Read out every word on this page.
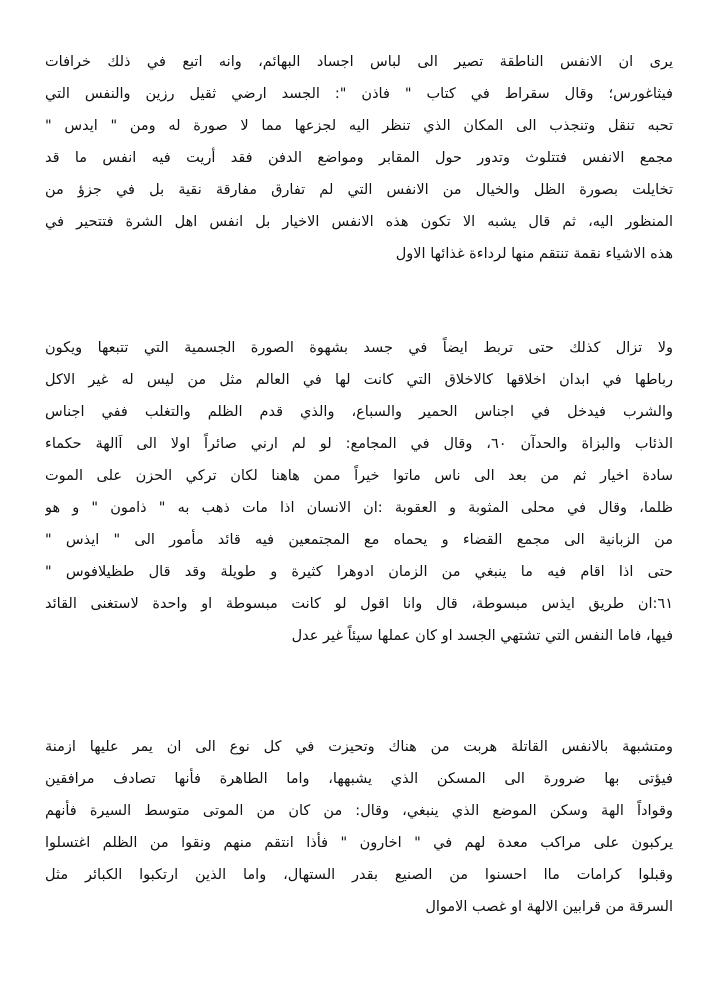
يرى ان الانفس الناطقة تصير الى لباس اجساد البهائم، وانه اتبع في ذلك خرافات
فيثاغورس؛ وقال سقراط في كتاب " فاذن ": الجسد ارضي ثقيل رزين والنفس التي
تحبه تنقل وتنجذب الى المكان الذي تنظر اليه لجزعها مما لا صورة له ومن " ايدس "
مجمع الانفس فتتلوث وتدور حول المقابر ومواضع الدفن فقد أريت فيه انفس ما قد
تخايلت بصورة الظل والخيال من الانفس التي لم تفارق مفارقة نقية بل في جزؤ من
المنظور اليه، ثم قال يشبه الا تكون هذه الانفس الاخيار بل انفس اهل الشرة فتتحير في
هذه الاشياء نقمة تنتقم منها لرداءة غذائها الاول
ولا تزال كذلك حتى تربط ايضاً في جسد بشهوة الصورة الجسمية التي تتبعها ويكون
رباطها في ابدان اخلاقها كالاخلاق التي كانت لها في العالم مثل من ليس له غير الاكل
والشرب فيدخل في اجناس الحمير والسباع، والذي قدم الظلم والتغلب ففي اجناس
الذئاب والبزاة والحدآن ٦٠، وقال في المجامع: لو لم ارني صائراً اولا الى اَالهة حكماء
سادة اخيار ثم من بعد الى ناس ماتوا خيراً ممن هاهنا لكان تركي الحزن على الموت
ظلما، وقال في محلى المثوبة و العقوبة :ان الانسان اذا مات ذهب به " ذامون " و هو
من الزبانية الى مجمع القضاء و يحماه مع المجتمعين فيه قائد مأمور الى " ايذس "
حتى اذا اقام فيه ما ينبغي من الزمان ادوهرا كثيرة و طويلة وقد قال طظيلافوس "
٦١:ان طريق ايذس مبسوطة، قال وانا اقول لو كانت مبسوطة او واحدة لاستغنى القائد
فيها، فاما النفس التي تشتهي الجسد او كان عملها سيئاً غير عدل
ومتشبهة بالانفس القاتلة هربت من هناك وتحيزت في كل نوع الى ان يمر عليها ازمنة
فيؤتى بها ضرورة الى المسكن الذي يشبهها، واما الطاهرة فأنها تصادف مرافقين
وقواداً الهة وسكن الموضع الذي ينبغي، وقال: من كان من الموتى متوسط السيرة فأنهم
يركبون على مراكب معدة لهم في " اخارون " فأذا انتقم منهم ونقوا من الظلم اغتسلوا
وقبلوا كرامات ماا احسنوا من الصنيع بقدر الستهال، واما الذين ارتكبوا الكبائر مثل
السرقة من قرابين الالهة او غصب الاموال
